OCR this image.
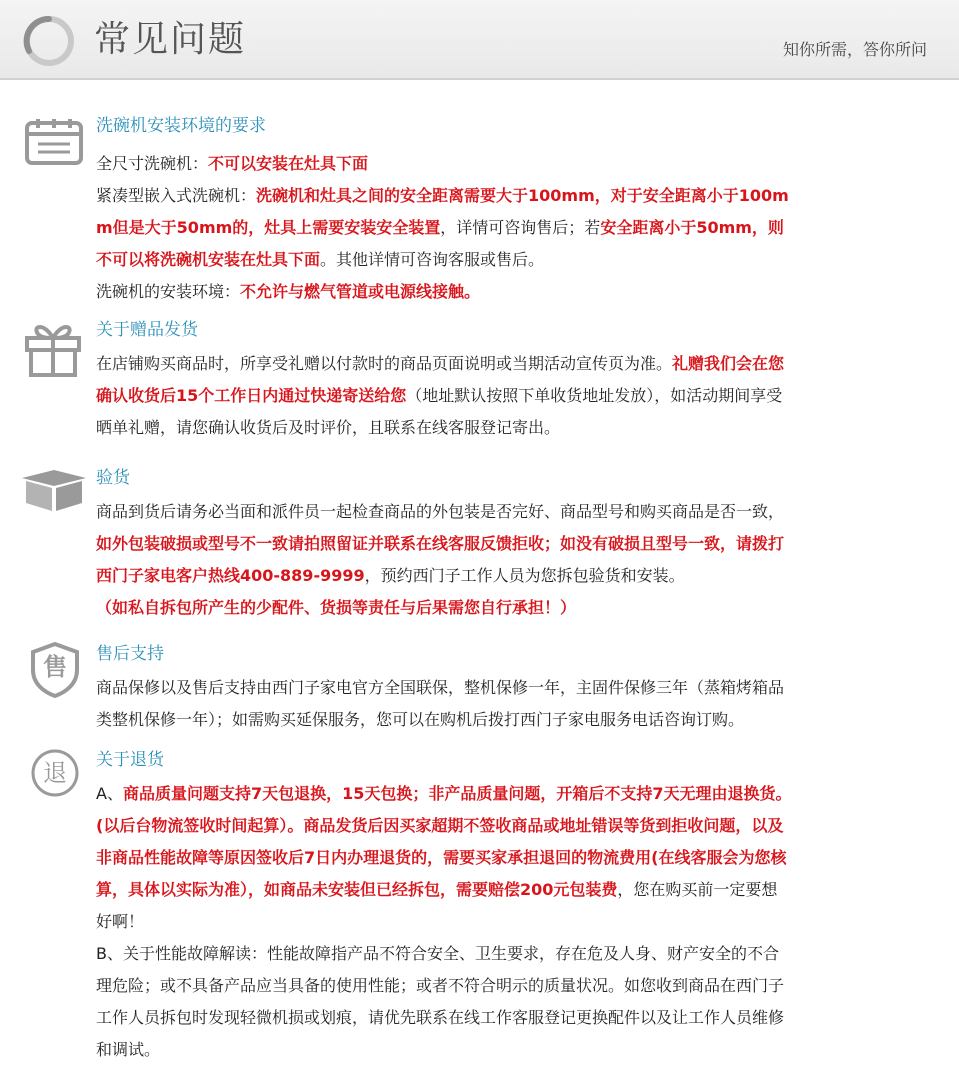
常见问题	知你所需，答你所问
洗碗机安装环境的要求
全尺寸洗碗机：不可以安装在灶具下面
紧凑型嵌入式洗碗机：洗碗机和灶具之间的安全距离需要大于100mm，对于安全距离小于100m
m但是大于50mm的，灶具上需要安装安全装置，详情可咨询售后；若安全距离小于50mm，则
不可以将洗碗机安装在灶具下面。其他详情可咨询客服或售后。
洗碗机的安装环境：不允许与燃气管道或电源线接触。
关于赠品发货
在店铺购买商品时，所享受礼赠以付款时的商品页面说明或当期活动宣传页为准。礼赠我们会在您
确认收货后15个工作日内通过快递寄送给您（地址默认按照下单收货地址发放），如活动期间享受
晒单礼赠，请您确认收货后及时评价，且联系在线客服登记寄出。
验货
商品到货后请务必当面和派件员一起检查商品的外包装是否完好、商品型号和购买商品是否一致，
如外包装破损或型号不一致请拍照留证并联系在线客服反馈拒收；如没有破损且型号一致，请拨打
西门子家电客户热线400-889-9999，预约西门子工作人员为您拆包验货和安装。
（如私自拆包所产生的少配件、货损等责任与后果需您自行承担！）
售	售后支持
商品保修以及售后支持由西门子家电官方全国联保，整机保修一年，主固件保修三年（蒸箱烤箱品
类整机保修一年）；如需购买延保服务，您可以在购机后拨打西门子家电服务电话咨询订购。
退	关于退货
A、商品质量问题支持7天包退换，15天包换；非产品质量问题，开箱后不支持7天无理由退换货。
(以后台物流签收时间起算）。商品发货后因买家超期不签收商品或地址错误等货到拒收问题，以及
非商品性能故障等原因签收后7日内办理退货的，需要买家承担退回的物流费用(在线客服会为您核
算，具体以实际为准），如商品未安装但已经拆包，需要赔偿200元包装费，您在购买前一定要想
好啊！
B、关于性能故障解读：性能故障指产品不符合安全、卫生要求，存在危及人身、财产安全的不合
理危险；或不具备产品应当具备的使用性能；或者不符合明示的质量状况。如您收到商品在西门子
工作人员拆包时发现轻微机损或划痕，请优先联系在线工作客服登记更换配件以及让工作人员维修
和调试。
